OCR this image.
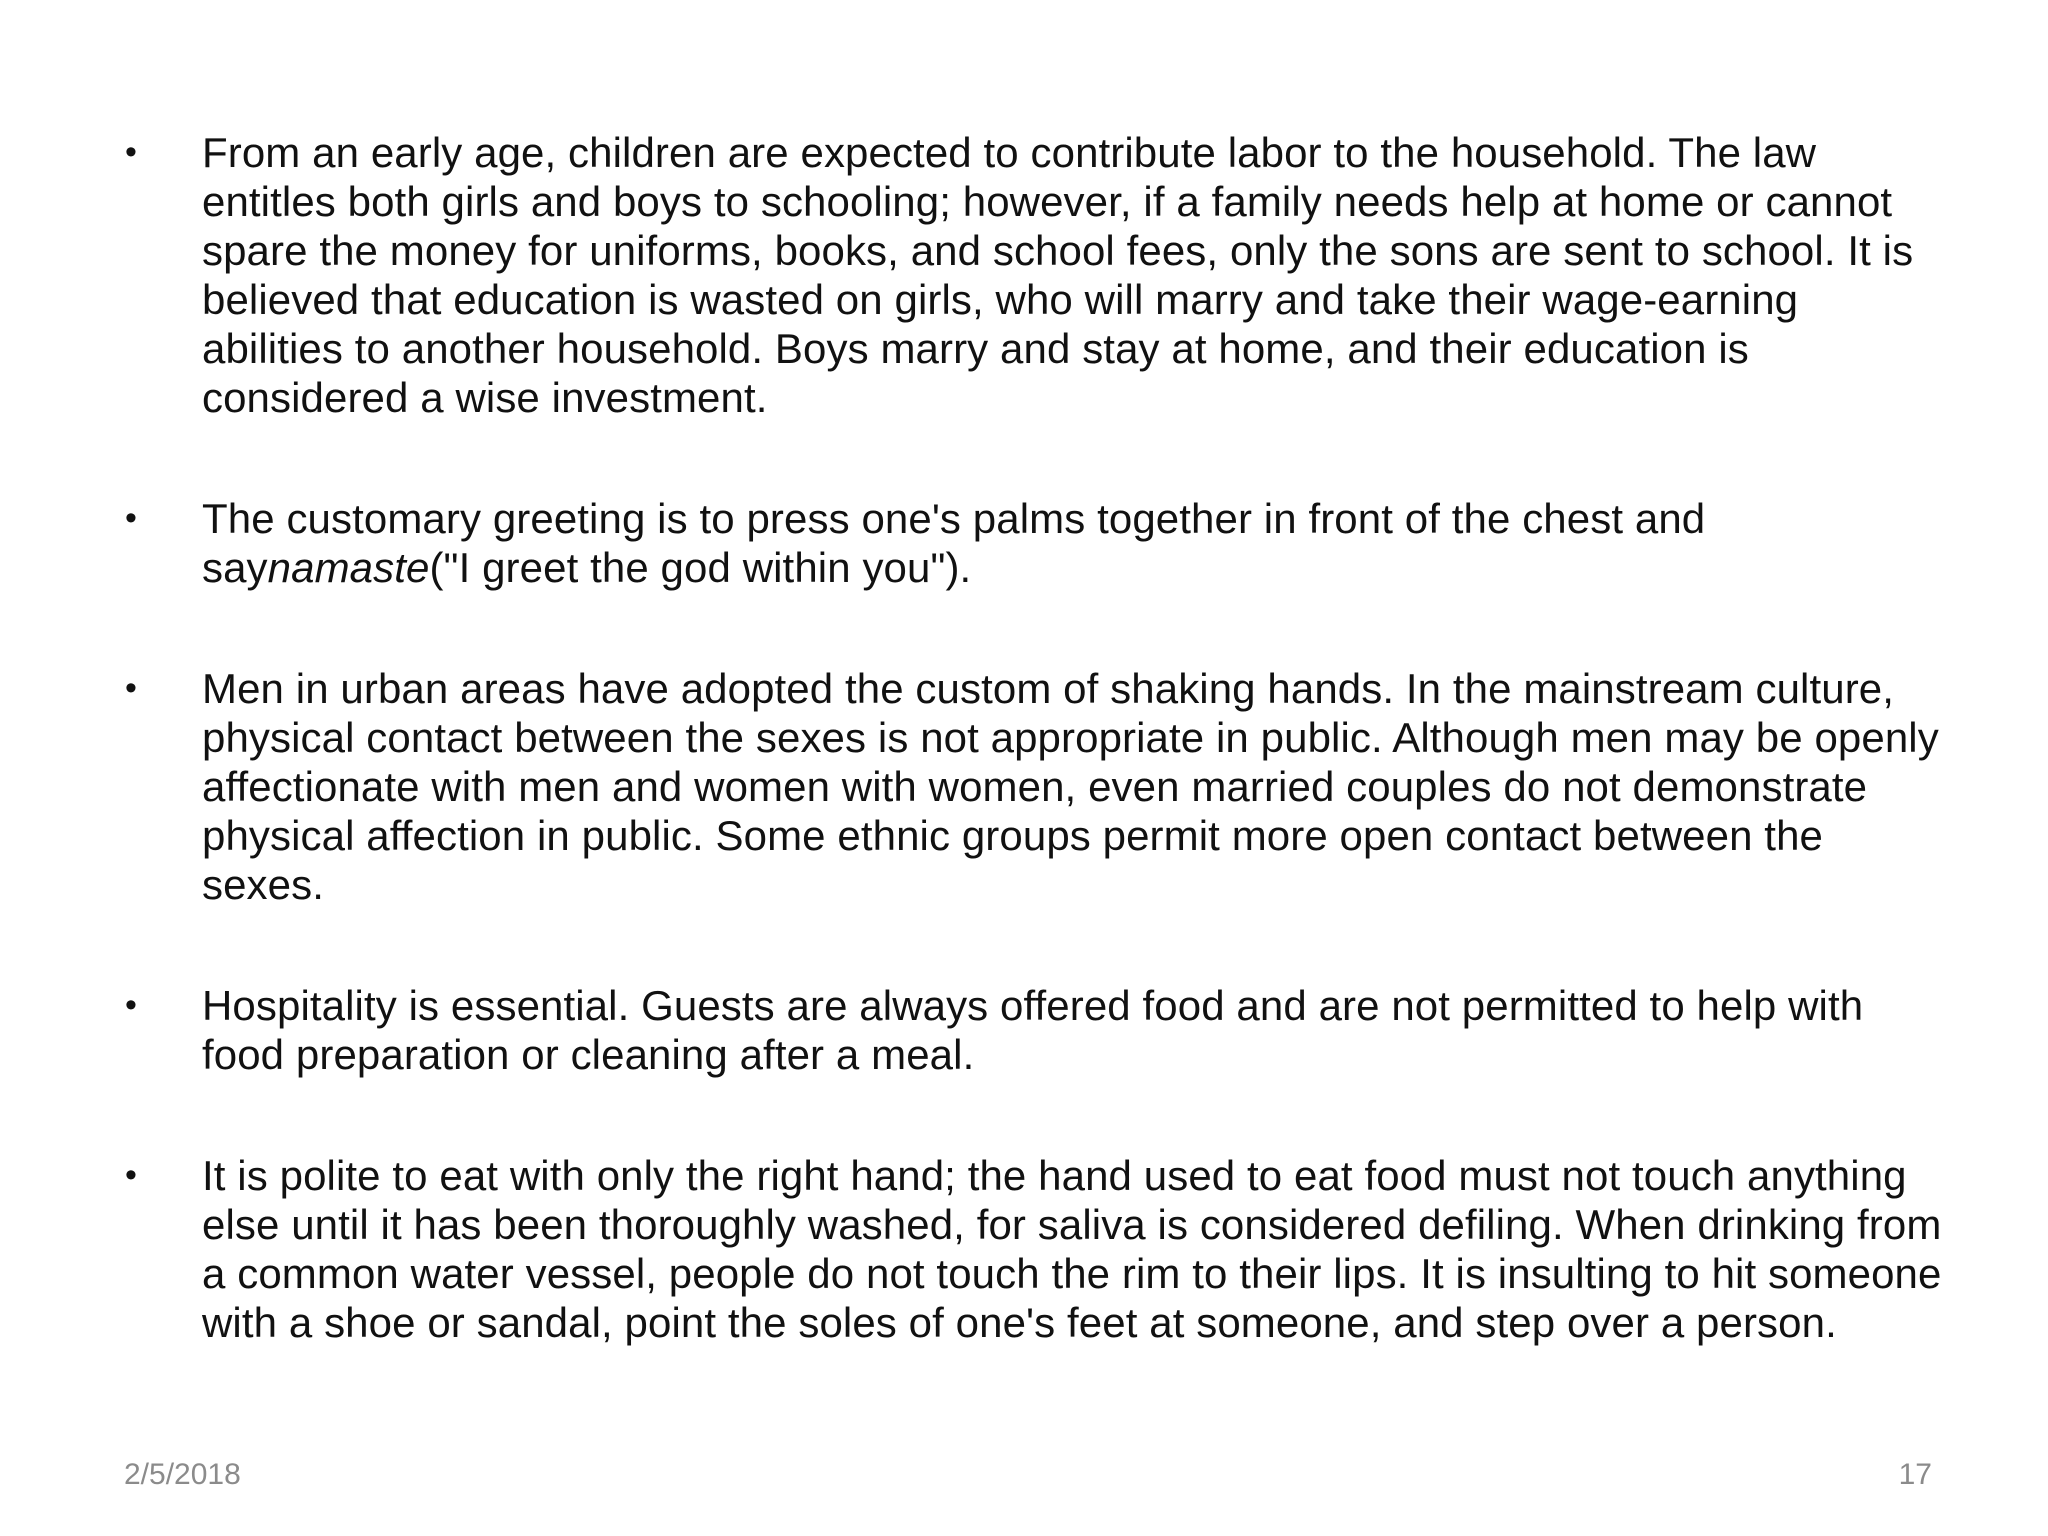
• From an early age, children are expected to contribute labor to the household. The law entitles both girls and boys to schooling; however, if a family needs help at home or cannot spare the money for uniforms, books, and school fees, only the sons are sent to school. It is believed that education is wasted on girls, who will marry and take their wage-earning abilities to another household. Boys marry and stay at home, and their education is considered a wise investment.
• The customary greeting is to press one's palms together in front of the chest and saynamaste("I greet the god within you").
• Men in urban areas have adopted the custom of shaking hands. In the mainstream culture, physical contact between the sexes is not appropriate in public. Although men may be openly affectionate with men and women with women, even married couples do not demonstrate physical affection in public. Some ethnic groups permit more open contact between the sexes.
• Hospitality is essential. Guests are always offered food and are not permitted to help with food preparation or cleaning after a meal.
• It is polite to eat with only the right hand; the hand used to eat food must not touch anything else until it has been thoroughly washed, for saliva is considered defiling. When drinking from a common water vessel, people do not touch the rim to their lips. It is insulting to hit someone with a shoe or sandal, point the soles of one's feet at someone, and step over a person.
2/5/2018	17
